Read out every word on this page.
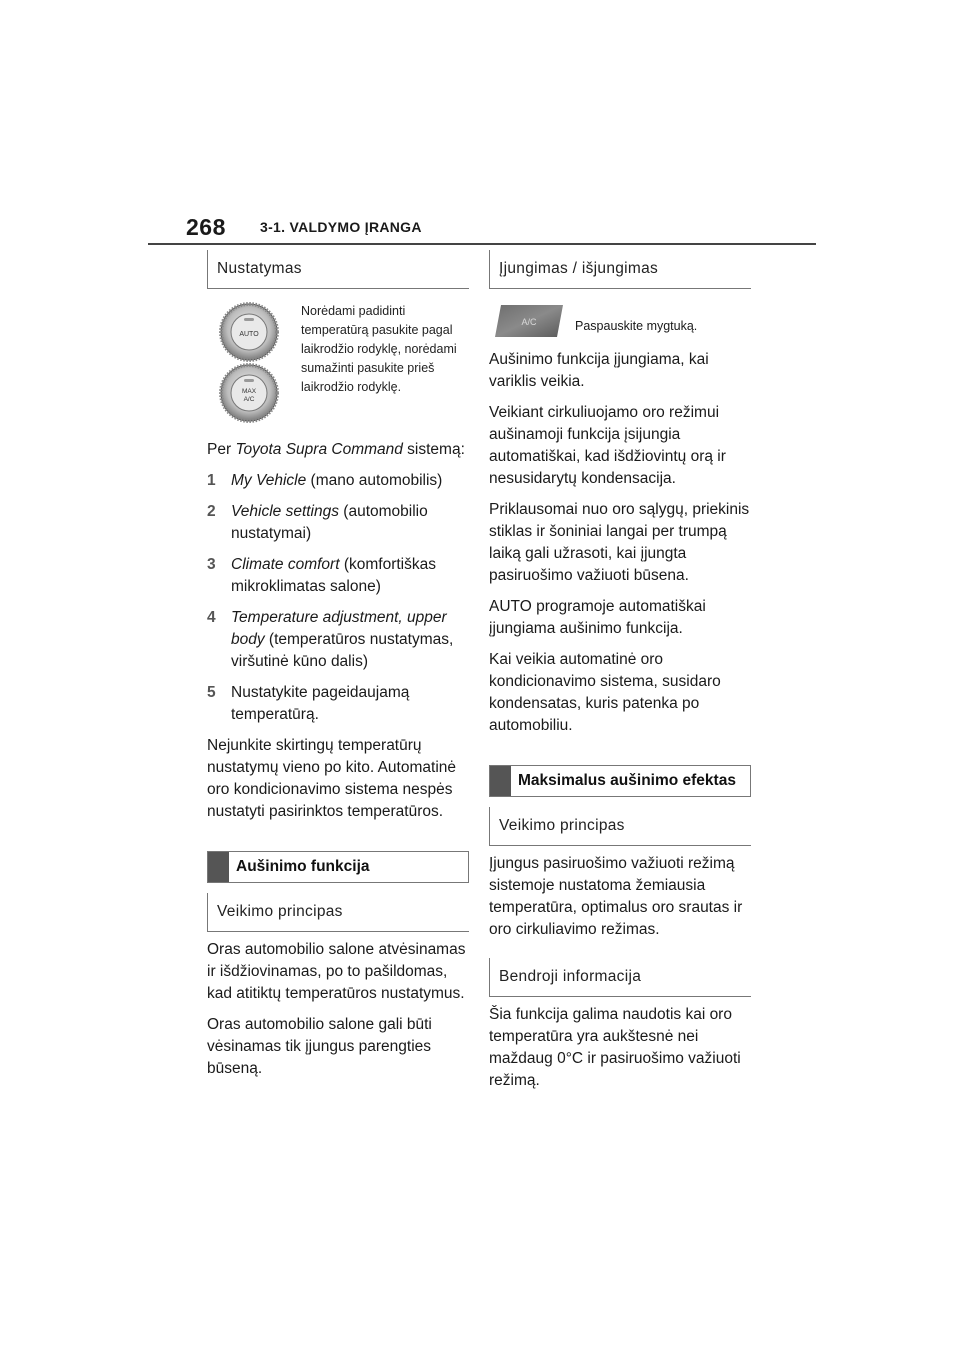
268 3-1. VALDYMO ĮRANGA
Nustatymas
AUTO
MAX
A/C
Norėdami padidinti temperatūrą pasukite pagal laikrodžio rodyklę, norėdami sumažinti pasukite prieš laikrodžio rodyklę.

Per Toyota Supra Command sistemą:

1 My Vehicle (mano automobilis)
2 Vehicle settings (automobilio nustatymai)
3 Climate comfort (komfortiškas mikroklimatas salone)
4 Temperature adjustment, upper body (temperatūros nustatymas, viršutinė kūno dalis)
5 Nustatykite pageidaujamą temperatūrą.

Nejunkite skirtingų temperatūrų nustatymų vieno po kito. Automatinė oro kondicionavimo sistema nespės nustatyti pasirinktos temperatūros.

Aušinimo funkcija
Veikimo principas

Oras automobilio salone atvėsinamas ir išdžiovinamas, po to pašildomas, kad atitiktų temperatūros nustatymus.

Oras automobilio salone gali būti vėsinamas tik įjungus parengties būseną.

Įjungimas / išjungimas
A/C	Paspauskite mygtuką.

Aušinimo funkcija įjungiama, kai variklis veikia.

Veikiant cirkuliuojamo oro režimui aušinamoji funkcija įsijungia automatiškai, kad išdžiovintų orą ir nesusidarytų kondensacija.

Priklausomai nuo oro sąlygų, priekinis stiklas ir šoniniai langai per trumpą laiką gali užrasoti, kai įjungta pasiruošimo važiuoti būsena.

AUTO programoje automatiškai įjungiama aušinimo funkcija.

Kai veikia automatinė oro kondicionavimo sistema, susidaro kondensatas, kuris patenka po automobiliu.

Maksimalus aušinimo efektas
Veikimo principas

Įjungus pasiruošimo važiuoti režimą sistemoje nustatoma žemiausia temperatūra, optimalus oro srautas ir oro cirkuliavimo režimas.

Bendroji informacija

Šia funkcija galima naudotis kai oro temperatūra yra aukštesnė nei maždaug 0°C ir pasiruošimo važiuoti režimą.
